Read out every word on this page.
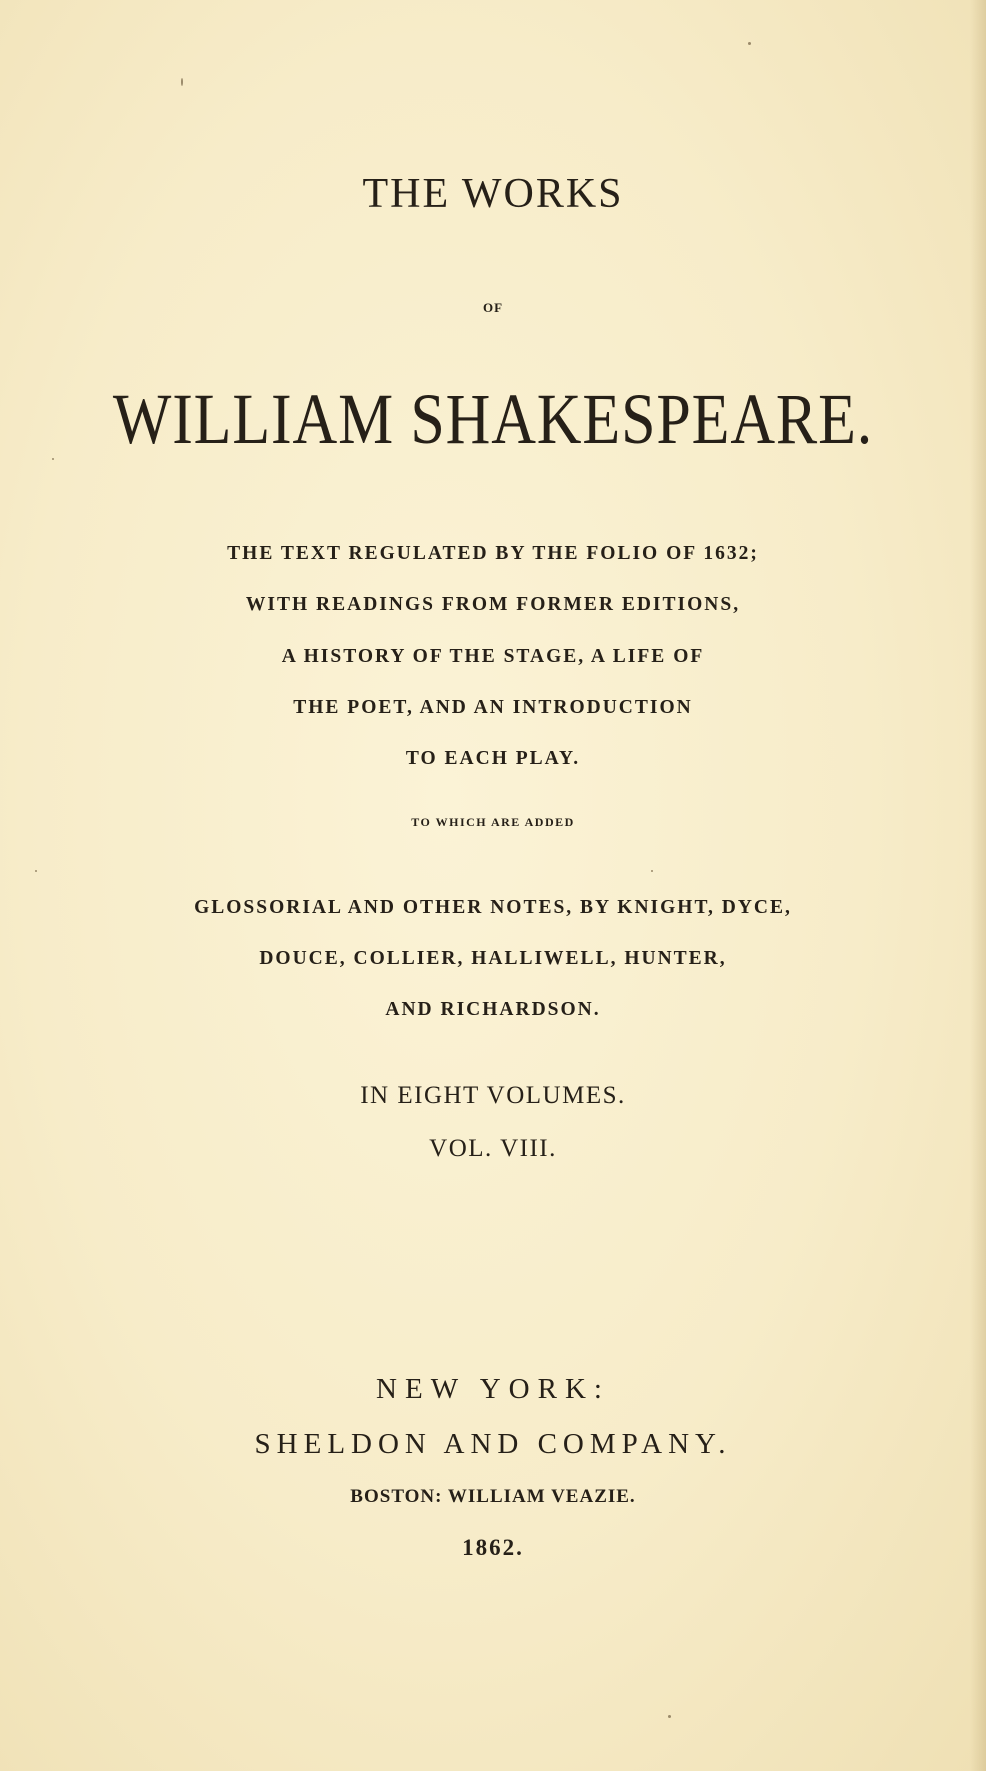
THE WORKS
OF
WILLIAM SHAKESPEARE.
THE TEXT REGULATED BY THE FOLIO OF 1632;
WITH READINGS FROM FORMER EDITIONS,
A HISTORY OF THE STAGE, A LIFE OF
THE POET, AND AN INTRODUCTION
TO EACH PLAY.
TO WHICH ARE ADDED
GLOSSORIAL AND OTHER NOTES, BY KNIGHT, DYCE,
DOUCE, COLLIER, HALLIWELL, HUNTER,
AND RICHARDSON.
IN EIGHT VOLUMES.
VOL. VIII.
NEW YORK:
SHELDON AND COMPANY.
BOSTON: WILLIAM VEAZIE.
1862.
